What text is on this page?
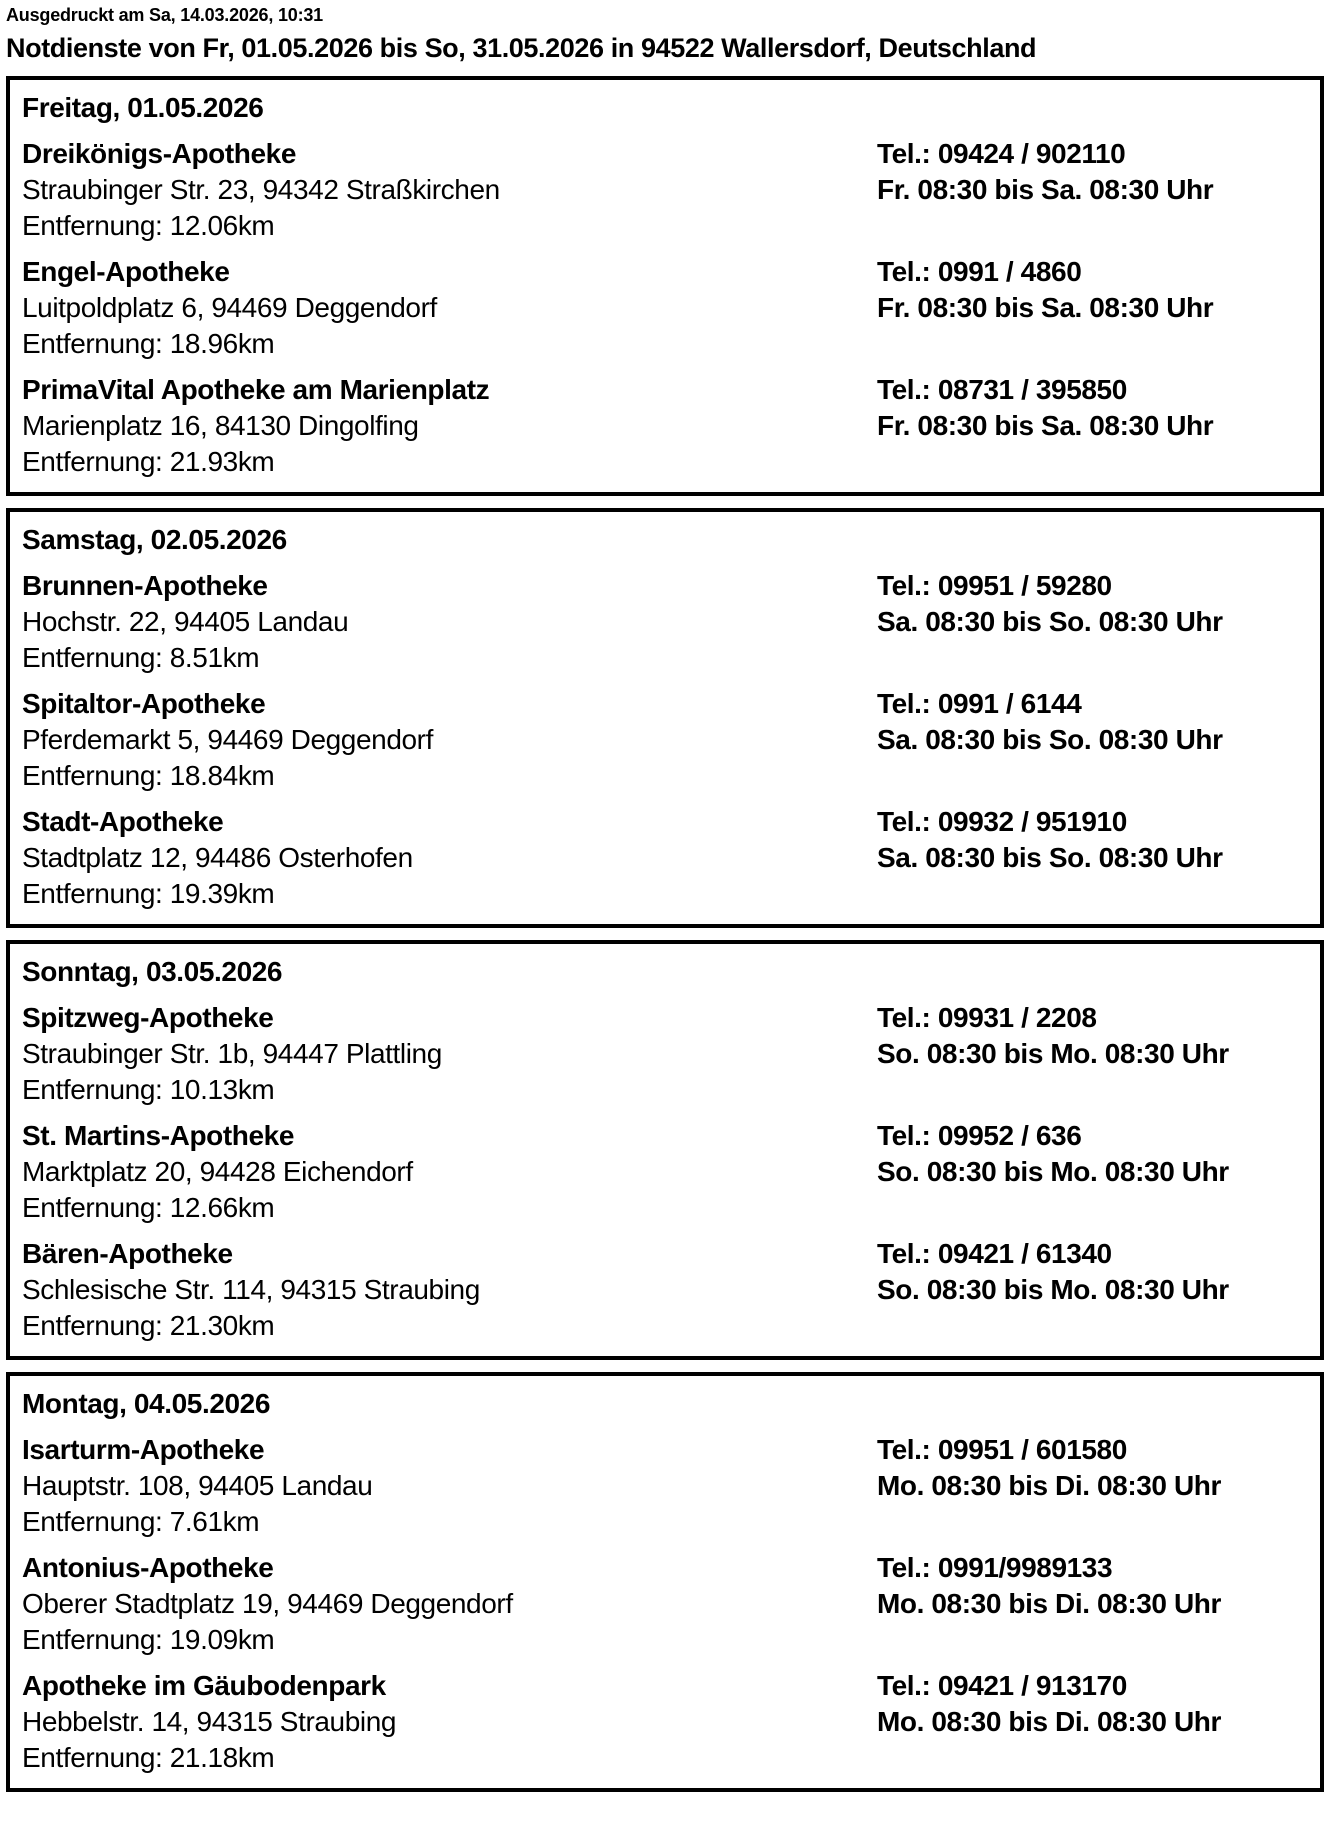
Ausgedruckt am Sa, 14.03.2026, 10:31
Notdienste von Fr, 01.05.2026 bis So, 31.05.2026 in 94522 Wallersdorf, Deutschland
Freitag, 01.05.2026
Dreikönigs-Apotheke	Tel.: 09424 / 902110
Straubinger Str. 23, 94342 Straßkirchen	Fr. 08:30 bis Sa. 08:30 Uhr
Entfernung: 12.06km
Engel-Apotheke	Tel.: 0991 / 4860
Luitpoldplatz 6, 94469 Deggendorf	Fr. 08:30 bis Sa. 08:30 Uhr
Entfernung: 18.96km
PrimaVital Apotheke am Marienplatz	Tel.: 08731 / 395850
Marienplatz 16, 84130 Dingolfing	Fr. 08:30 bis Sa. 08:30 Uhr
Entfernung: 21.93km
Samstag, 02.05.2026
Brunnen-Apotheke	Tel.: 09951 / 59280
Hochstr. 22, 94405 Landau	Sa. 08:30 bis So. 08:30 Uhr
Entfernung: 8.51km
Spitaltor-Apotheke	Tel.: 0991 / 6144
Pferdemarkt 5, 94469 Deggendorf	Sa. 08:30 bis So. 08:30 Uhr
Entfernung: 18.84km
Stadt-Apotheke	Tel.: 09932 / 951910
Stadtplatz 12, 94486 Osterhofen	Sa. 08:30 bis So. 08:30 Uhr
Entfernung: 19.39km
Sonntag, 03.05.2026
Spitzweg-Apotheke	Tel.: 09931 / 2208
Straubinger Str. 1b, 94447 Plattling	So. 08:30 bis Mo. 08:30 Uhr
Entfernung: 10.13km
St. Martins-Apotheke	Tel.: 09952 / 636
Marktplatz 20, 94428 Eichendorf	So. 08:30 bis Mo. 08:30 Uhr
Entfernung: 12.66km
Bären-Apotheke	Tel.: 09421 / 61340
Schlesische Str. 114, 94315 Straubing	So. 08:30 bis Mo. 08:30 Uhr
Entfernung: 21.30km
Montag, 04.05.2026
Isarturm-Apotheke	Tel.: 09951 / 601580
Hauptstr. 108, 94405 Landau	Mo. 08:30 bis Di. 08:30 Uhr
Entfernung: 7.61km
Antonius-Apotheke	Tel.: 0991/9989133
Oberer Stadtplatz 19, 94469 Deggendorf	Mo. 08:30 bis Di. 08:30 Uhr
Entfernung: 19.09km
Apotheke im Gäubodenpark	Tel.: 09421 / 913170
Hebbelstr. 14, 94315 Straubing	Mo. 08:30 bis Di. 08:30 Uhr
Entfernung: 21.18km
